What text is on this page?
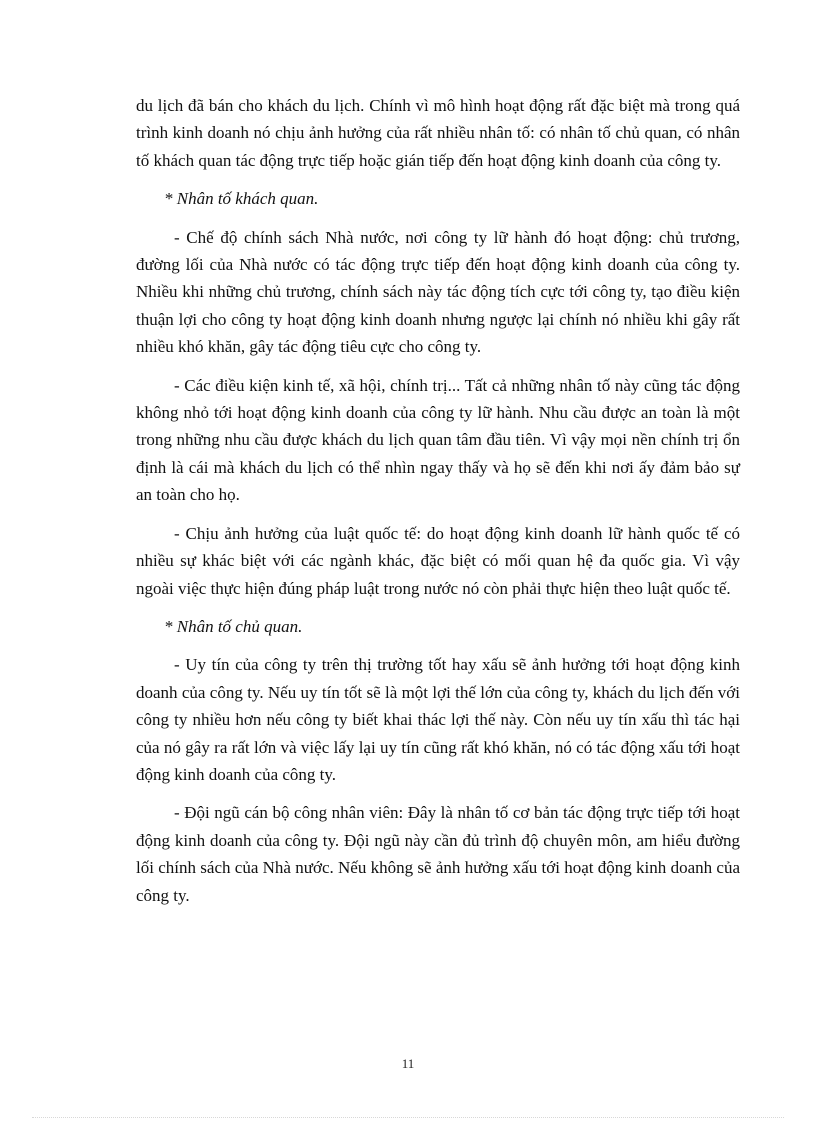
du lịch đã bán cho khách du lịch. Chính vì mô hình hoạt động rất đặc biệt mà trong quá trình kinh doanh nó chịu ảnh hưởng của rất nhiều nhân tố: có nhân tố chủ quan, có nhân tố khách quan tác động trực tiếp hoặc gián tiếp đến hoạt động kinh doanh của công ty.

* Nhân tố khách quan.

- Chế độ chính sách Nhà nước, nơi công ty lữ hành đó hoạt động: chủ trương, đường lối của Nhà nước có tác động trực tiếp đến hoạt động kinh doanh của công ty. Nhiều khi những chủ trương, chính sách này tác động tích cực tới công ty, tạo điều kiện thuận lợi cho công ty hoạt động kinh doanh nhưng ngược lại chính nó nhiều khi gây rất nhiều khó khăn, gây tác động tiêu cực cho công ty.

- Các điều kiện kinh tế, xã hội, chính trị... Tất cả những nhân tố này cũng tác động không nhỏ tới hoạt động kinh doanh của công ty lữ hành. Nhu cầu được an toàn là một trong những nhu cầu được khách du lịch quan tâm đầu tiên. Vì vậy mọi nền chính trị ổn định là cái mà khách du lịch có thể nhìn ngay thấy và họ sẽ đến khi nơi ấy đảm bảo sự an toàn cho họ.

- Chịu ảnh hưởng của luật quốc tế: do hoạt động kinh doanh lữ hành quốc tế có nhiều sự khác biệt với các ngành khác, đặc biệt có mối quan hệ đa quốc gia. Vì vậy ngoài việc thực hiện đúng pháp luật trong nước nó còn phải thực hiện theo luật quốc tế.

* Nhân tố chủ quan.

- Uy tín của công ty trên thị trường tốt hay xấu sẽ ảnh hưởng tới hoạt động kinh doanh của công ty. Nếu uy tín tốt sẽ là một lợi thế lớn của công ty, khách du lịch đến với công ty nhiều hơn nếu công ty biết khai thác lợi thế này. Còn nếu uy tín xấu thì tác hại của nó gây ra rất lớn và việc lấy lại uy tín cũng rất khó khăn, nó có tác động xấu tới hoạt động kinh doanh của công ty.

- Đội ngũ cán bộ công nhân viên: Đây là nhân tố cơ bản tác động trực tiếp tới hoạt động kinh doanh của công ty. Đội ngũ này cần đủ trình độ chuyên môn, am hiểu đường lối chính sách của Nhà nước. Nếu không sẽ ảnh hưởng xấu tới hoạt động kinh doanh của công ty.

11
